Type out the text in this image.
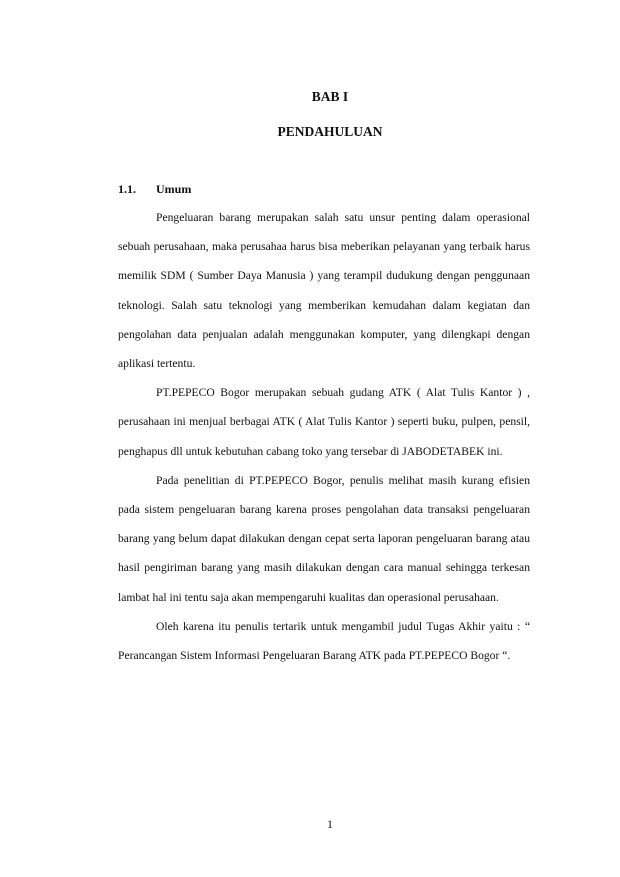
BAB I
PENDAHULUAN
1.1. Umum

Pengeluaran barang merupakan salah satu unsur penting dalam operasional sebuah perusahaan, maka perusahaa harus bisa meberikan pelayanan yang terbaik harus memilik SDM ( Sumber Daya Manusia ) yang terampil dudukung dengan penggunaan teknologi. Salah satu teknologi yang memberikan kemudahan dalam kegiatan dan pengolahan data penjualan adalah menggunakan komputer, yang dilengkapi dengan aplikasi tertentu.

PT.PEPECO Bogor merupakan sebuah gudang ATK ( Alat Tulis Kantor ) , perusahaan ini menjual berbagai ATK ( Alat Tulis Kantor ) seperti buku, pulpen, pensil, penghapus dll untuk kebutuhan cabang toko yang tersebar di JABODETABEK ini.

Pada penelitian di PT.PEPECO Bogor, penulis melihat masih kurang efisien pada sistem pengeluaran barang karena proses pengolahan data transaksi pengeluaran barang yang belum dapat dilakukan dengan cepat serta laporan pengeluaran barang atau hasil pengiriman barang yang masih dilakukan dengan cara manual sehingga terkesan lambat hal ini tentu saja akan mempengaruhi kualitas dan operasional perusahaan.

Oleh karena itu penulis tertarik untuk mengambil judul Tugas Akhir yaitu : “ Perancangan Sistem Informasi Pengeluaran Barang ATK pada PT.PEPECO Bogor “.

1
